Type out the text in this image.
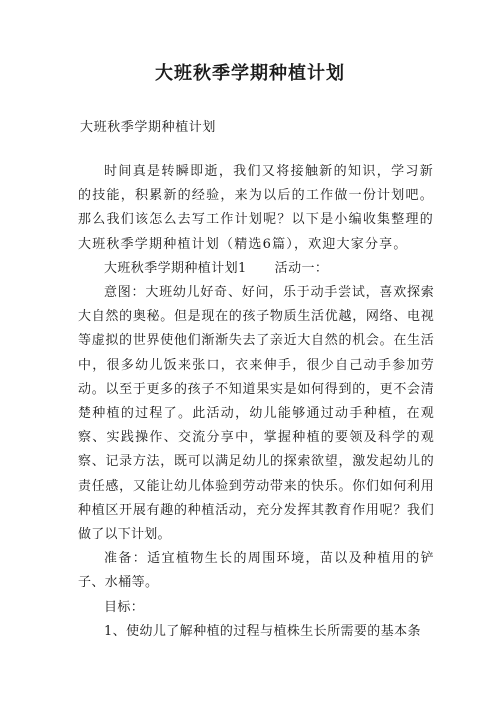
大班秋季学期种植计划

大班秋季学期种植计划

时间真是转瞬即逝，我们又将接触新的知识，学习新的技能，积累新的经验，来为以后的工作做一份计划吧。那么我们该怎么去写工作计划呢？以下是小编收集整理的大班秋季学期种植计划（精选6篇），欢迎大家分享。

大班秋季学期种植计划1 活动一：

意图：大班幼儿好奇、好问，乐于动手尝试，喜欢探索大自然的奥秘。但是现在的孩子物质生活优越，网络、电视等虚拟的世界使他们渐渐失去了亲近大自然的机会。在生活中，很多幼儿饭来张口，衣来伸手，很少自己动手参加劳动。以至于更多的孩子不知道果实是如何得到的，更不会清楚种植的过程了。此活动，幼儿能够通过动手种植，在观察、实践操作、交流分享中，掌握种植的要领及科学的观察、记录方法，既可以满足幼儿的探索欲望，激发起幼儿的责任感，又能让幼儿体验到劳动带来的快乐。你们如何利用种植区开展有趣的种植活动，充分发挥其教育作用呢？我们做了以下计划。

准备：适宜植物生长的周围环境，苗以及种植用的铲子、水桶等。

目标：

1、使幼儿了解种植的过程与植株生长所需要的基本条
